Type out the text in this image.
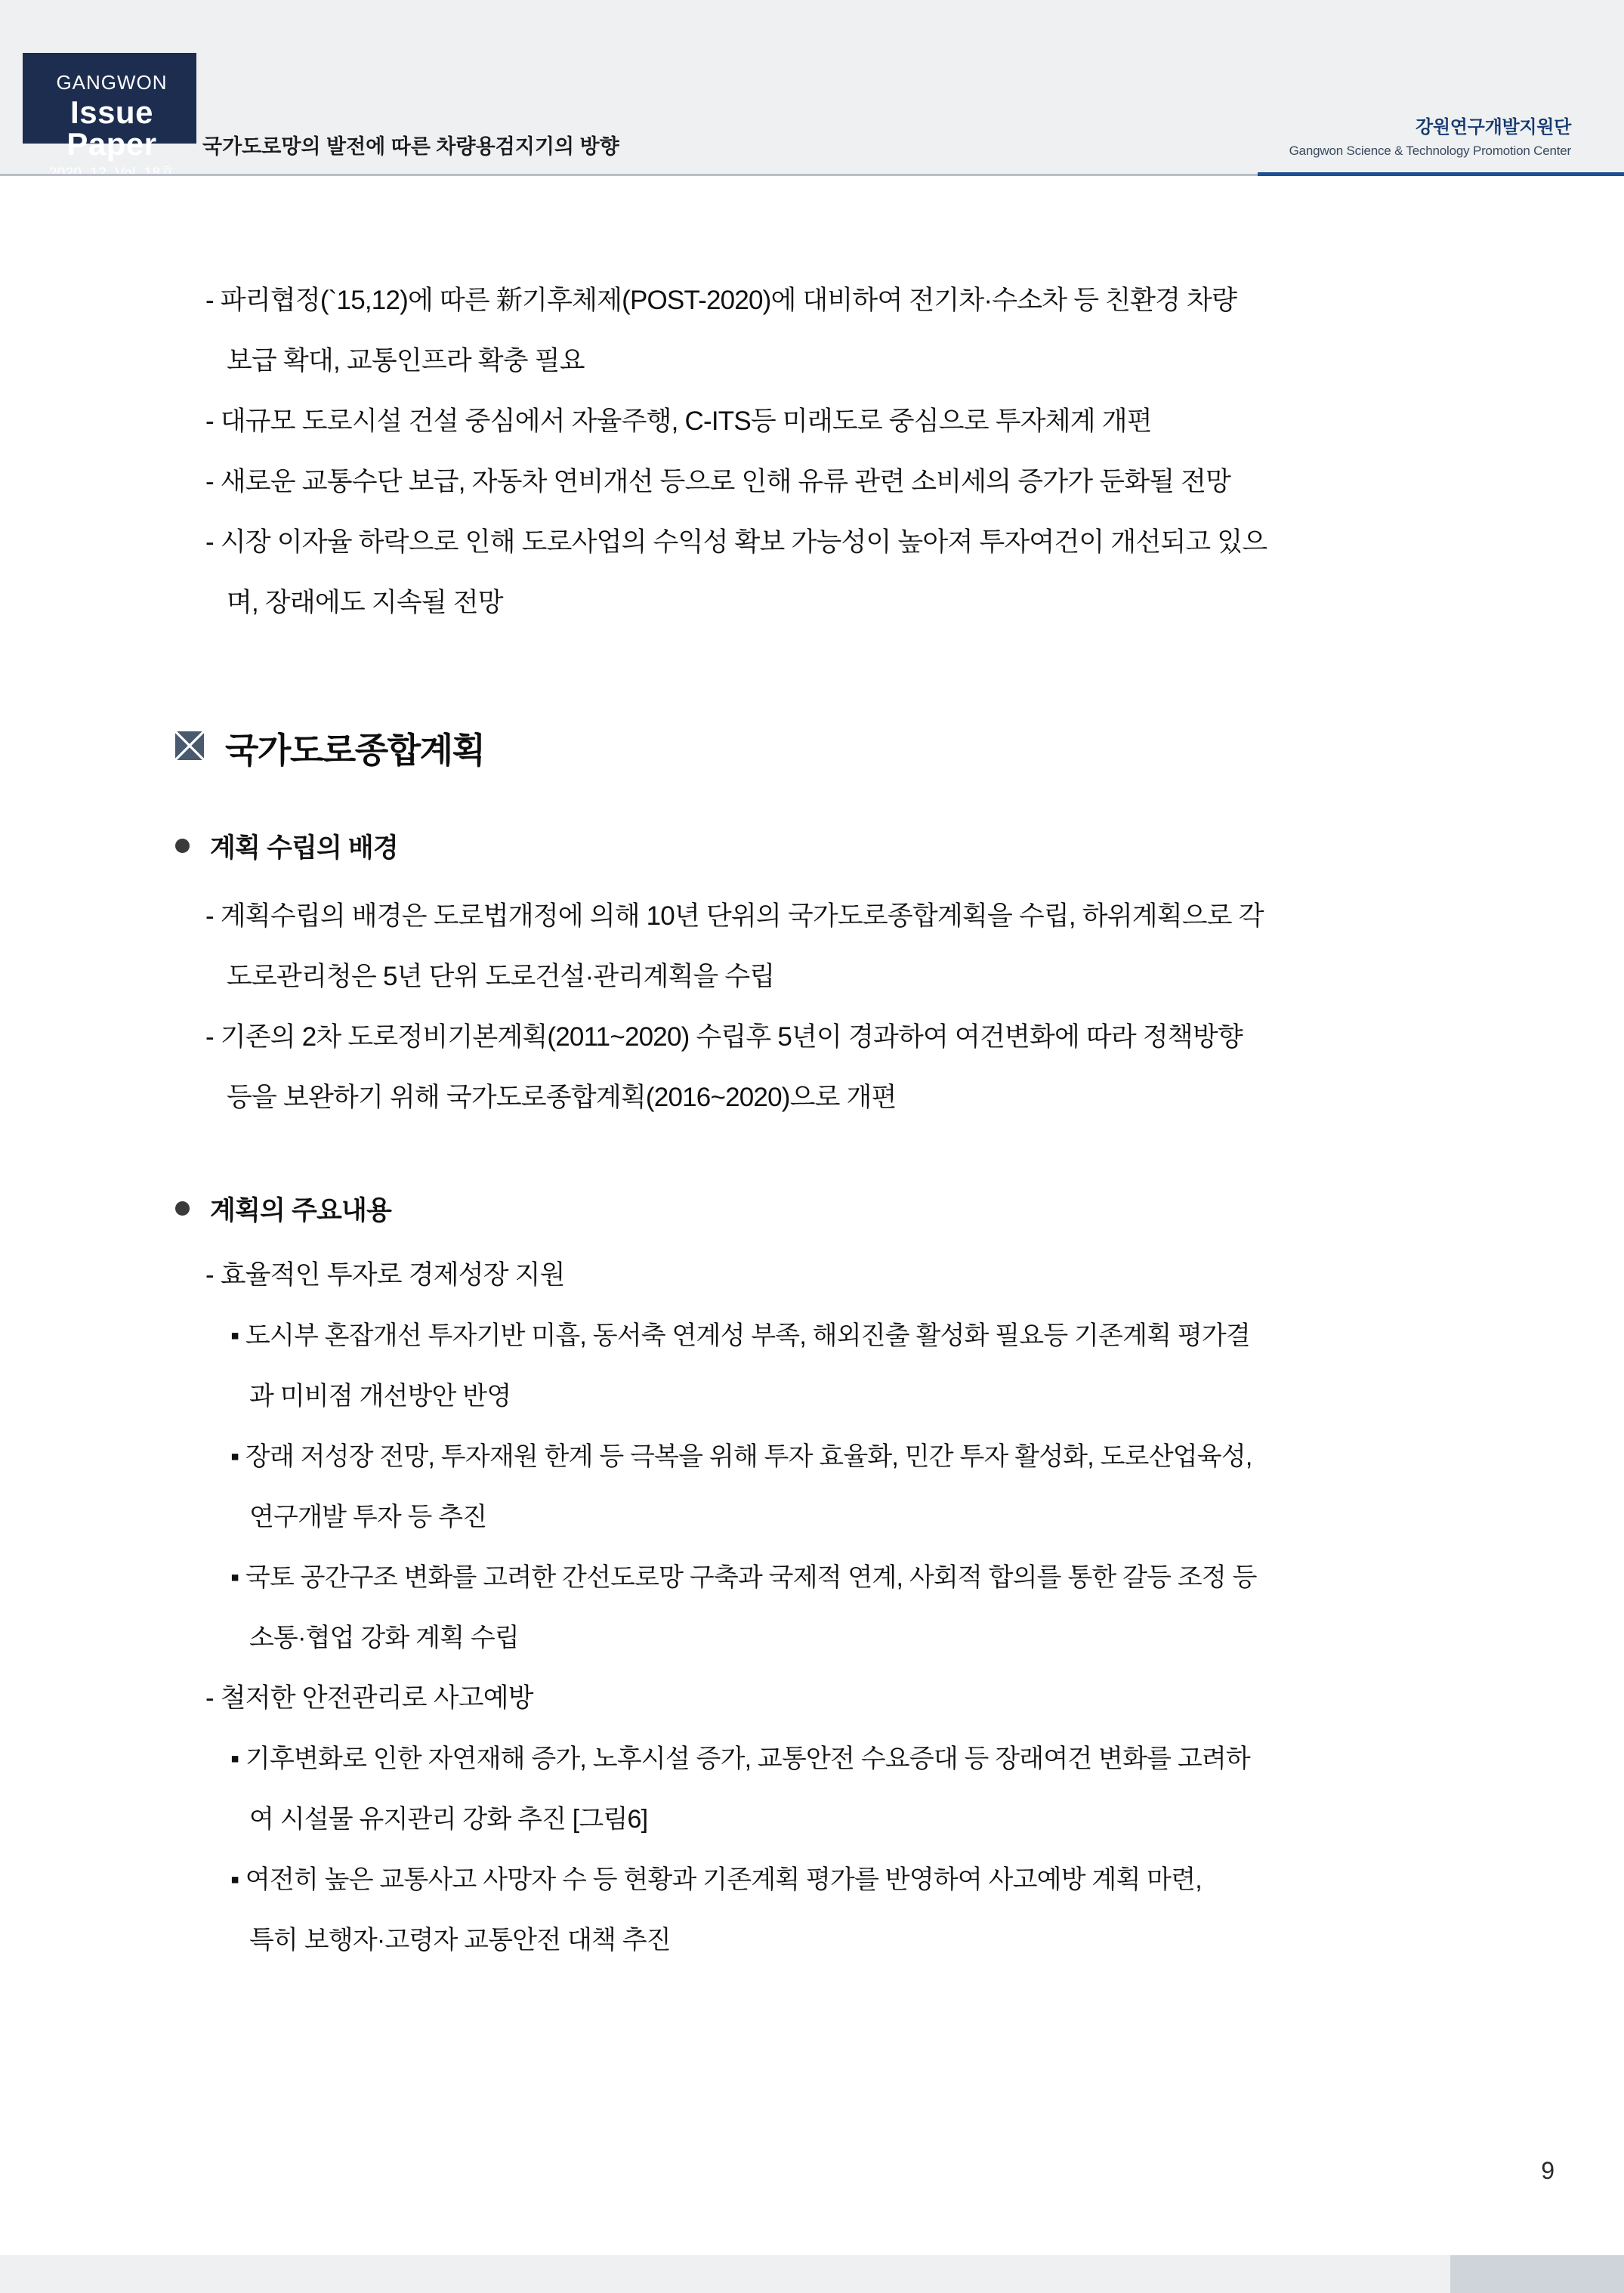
GANGWON
Issue Paper	국가도로망의 발전에 따른 차량용검지기의 방향
강원연구개발지원단
Gangwon Science & Technology Promotion Center
- 파리협정(`15,12)에 따른 新기후체제(POST-2020)에 대비하여 전기차·수소차 등 친환경 차량
보급 확대, 교통인프라 확충 필요
- 대규모 도로시설 건설 중심에서 자율주행, C-ITS등 미래도로 중심으로 투자체계 개편
- 새로운 교통수단 보급, 자동차 연비개선 등으로 인해 유류 관련 소비세의 증가가 둔화될 전망
- 시장 이자율 하락으로 인해 도로사업의 수익성 확보 가능성이 높아져 투자여건이 개선되고 있으
며, 장래에도 지속될 전망
국가도로종합계획
계획 수립의 배경
- 계획수립의 배경은 도로법개정에 의해 10년 단위의 국가도로종합계획을 수립, 하위계획으로 각
도로관리청은 5년 단위 도로건설·관리계획을 수립
- 기존의 2차 도로정비기본계획(2011~2020) 수립후 5년이 경과하여 여건변화에 따라 정책방향
등을 보완하기 위해 국가도로종합계획(2016~2020)으로 개편
계획의 주요내용
- 효율적인 투자로 경제성장 지원
▪ 도시부 혼잡개선 투자기반 미흡, 동서축 연계성 부족, 해외진출 활성화 필요등 기존계획 평가결
과 미비점 개선방안 반영
▪ 장래 저성장 전망, 투자재원 한계 등 극복을 위해 투자 효율화, 민간 투자 활성화, 도로산업육성,
연구개발 투자 등 추진
▪ 국토 공간구조 변화를 고려한 간선도로망 구축과 국제적 연계, 사회적 합의를 통한 갈등 조정 등
소통·협업 강화 계획 수립
- 철저한 안전관리로 사고예방
▪ 기후변화로 인한 자연재해 증가, 노후시설 증가, 교통안전 수요증대 등 장래여건 변화를 고려하
여 시설물 유지관리 강화 추진 [그림6]
▪ 여전히 높은 교통사고 사망자 수 등 현황과 기존계획 평가를 반영하여 사고예방 계획 마련,
특히 보행자·고령자 교통안전 대책 추진
9
